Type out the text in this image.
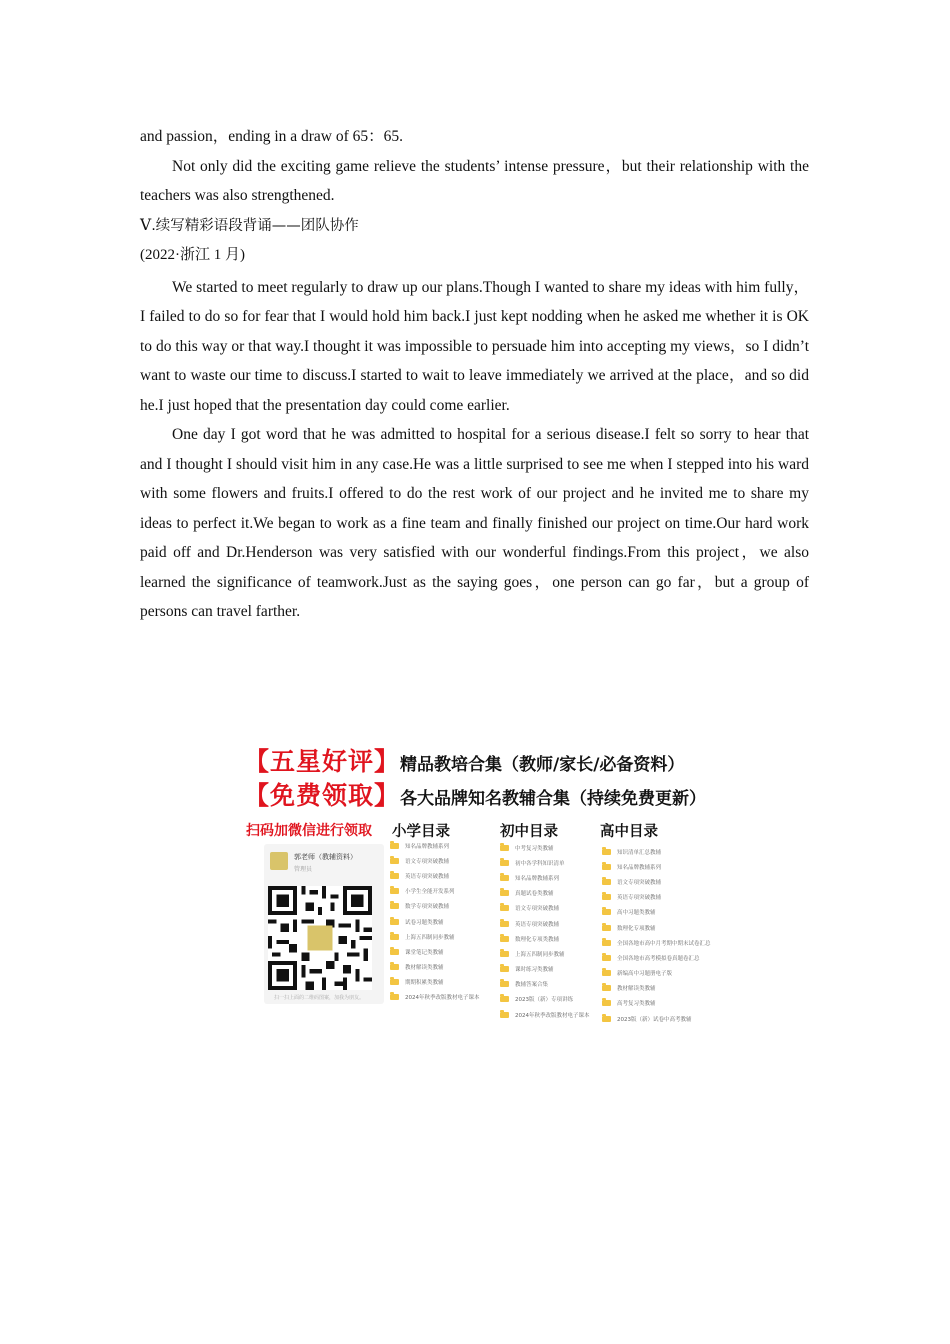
and passion，ending in a draw of 65：65.

Not only did the exciting game relieve the students’ intense pressure，but their relationship with the teachers was also strengthened.

Ⅴ.续写精彩语段背诵——团队协作

(2022·浙江 1 月)

We started to meet regularly to draw up our plans.Though I wanted to share my ideas with him fully，I failed to do so for fear that I would hold him back.I just kept nodding when he asked me whether it is OK to do this way or that way.I thought it was impossible to persuade him into accepting my views，so I didn’t want to waste our time to discuss.I started to wait to leave immediately we arrived at the place，and so did he.I just hoped that the presentation day could come earlier.

One day I got word that he was admitted to hospital for a serious disease.I felt so sorry to hear that and I thought I should visit him in any case.He was a little surprised to see me when I stepped into his ward with some flowers and fruits.I offered to do the rest work of our project and he invited me to share my ideas to perfect it.We began to work as a fine team and finally finished our project on time.Our hard work paid off and Dr.Henderson was very satisfied with our wonderful findings.From this project，we also learned the significance of teamwork.Just as the saying goes，one person can go far，but a group of persons can travel farther.

【五星好评】精品教培合集（教师/家长/必备资料）
【免费领取】各大品牌知名教辅合集（持续免费更新）
扫码加微信进行领取 小学目录	初中目录	高中目录
郭老师（教辅资料）
管理员
扫一扫上面的二维码图案，加我为朋友。
知名品牌教辅系列
语文专项突破教辅
英语专项突破教辅
小学生全能开发系列
数学专项突破教辅
试卷习题类教辅
上海五四制同步教辅
课堂笔记类教辅
教材解读类教辅
期期积累类教辅
2024年秋季改版教材电子课本
中考复习类教辅
初中各学科知识清单
知名品牌教辅系列
真题试卷类教辅
语文专项突破教辅
英语专项突破教辅
数理化专项类教辅
上海五四制同步教辅
课时练习类教辅
教辅答案合集
2023版（新）专项讲练
2024年秋季改版教材电子课本
知识清单汇总教辅
知名品牌教辅系列
语文专项突破教辅
英语专项突破教辅
高中习题类教辅
数理化专项教辅
全国各地市高中月考期中期末试卷汇总
全国各地市高考模拟卷真题卷汇总
新编高中习题册电子版
教材解读类教辅
高考复习类教辅
2023版（新）试卷中高考教辅
